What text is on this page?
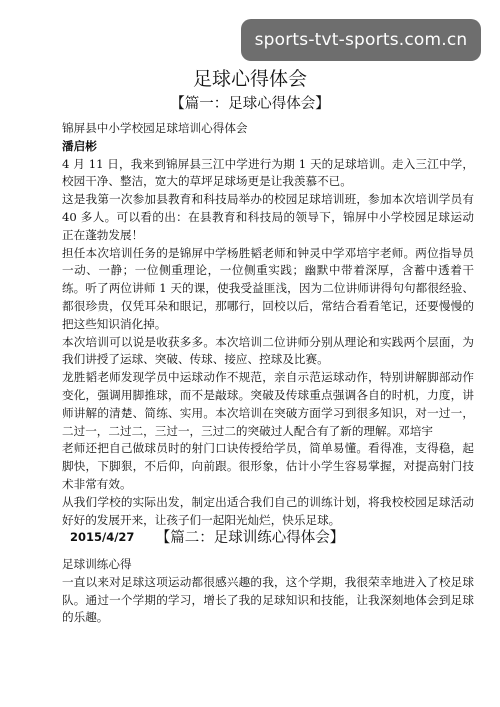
sports-tvt-sports.com.cn
足球心得体会
【篇一：足球心得体会】

锦屏县中小学校园足球培训心得体会

潘启彬

4 月 11 日，我来到锦屏县三江中学进行为期 1 天的足球培训。走入三江中学，校园干净、整洁，宽大的草坪足球场更是让我羡慕不已。

这是我第一次参加县教育和科技局举办的校园足球培训班，参加本次培训学员有 40 多人。可以看的出：在县教育和科技局的领导下，锦屏中小学校园足球运动正在蓬勃发展！

担任本次培训任务的是锦屏中学杨胜韬老师和钟灵中学邓培宇老师。两位指导员一动、一静；一位侧重理论，一位侧重实践；幽默中带着深厚，含蓄中透着干练。听了两位讲师 1 天的课，使我受益匪浅，因为二位讲师讲得句句都很经验、都很珍贵，仅凭耳朵和眼记，那哪行，回校以后，常结合看看笔记，还要慢慢的把这些知识消化掉。

本次培训可以说是收获多多。本次培训二位讲师分别从理论和实践两个层面，为我们讲授了运球、突破、传球、接应、控球及比赛。

龙胜韬老师发现学员中运球动作不规范，亲自示范运球动作，特别讲解脚部动作变化，强调用脚推球，而不是敲球。突破及传球重点强调各自的时机，力度，讲师讲解的清楚、简练、实用。本次培训在突破方面学习到很多知识，对一过一，二过一，二过二，三过一，三过二的突破过人配合有了新的理解。邓培宇

老师还把自己做球员时的射门口诀传授给学员，简单易懂。看得准，支得稳，起脚快，下脚狠，不后仰，向前跟。很形象，估计小学生容易掌握，对提高射门技术非常有效。

从我们学校的实际出发，制定出适合我们自己的训练计划，将我校校园足球活动好好的发展开来，让孩子们一起阳光灿烂，快乐足球。

2015/4/27	【篇二：足球训练心得体会】

足球训练心得

一直以来对足球这项运动都很感兴趣的我，这个学期，我很荣幸地进入了校足球队。通过一个学期的学习，增长了我的足球知识和技能，让我深刻地体会到足球的乐趣。
